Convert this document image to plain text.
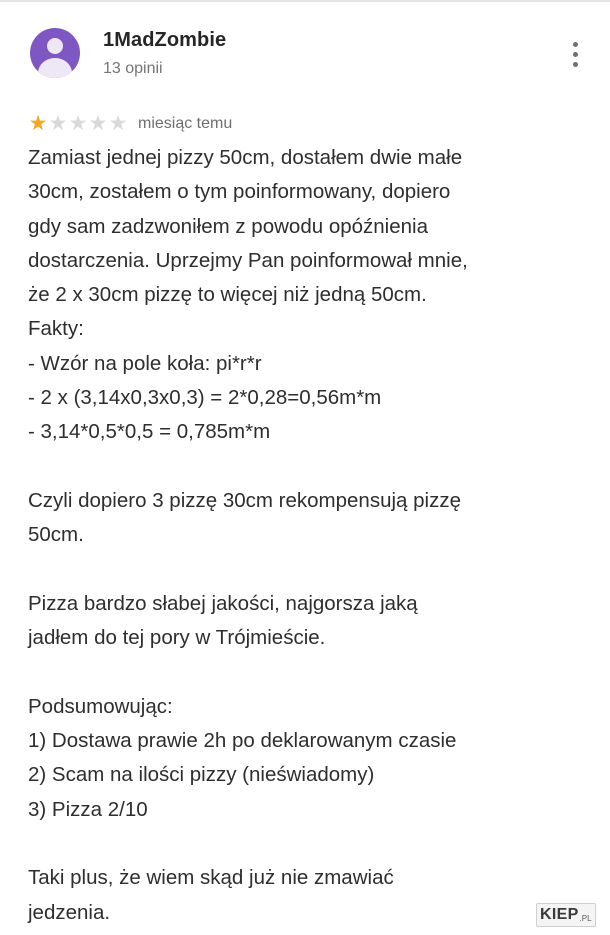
1MadZombie
13 opinii
★ ★ ★ ★ ★ miesiąc temu
Zamiast jednej pizzy 50cm, dostałem dwie małe
30cm, zostałem o tym poinformowany, dopiero
gdy sam zadzwoniłem z powodu opóźnienia
dostarczenia. Uprzejmy Pan poinformował mnie,
że 2 x 30cm pizzę to więcej niż jedną 50cm.
Fakty:
- Wzór na pole koła: pi*r*r
- 2 x (3,14x0,3x0,3) = 2*0,28=0,56m*m
- 3,14*0,5*0,5 = 0,785m*m
Czyli dopiero 3 pizzę 30cm rekompensują pizzę
50cm.
Pizza bardzo słabej jakości, najgorsza jaką
jadłem do tej pory w Trójmieście.
Podsumowując:
1) Dostawa prawie 2h po deklarowanym czasie
2) Scam na ilości pizzy (nieświadomy)
3) Pizza 2/10
Taki plus, że wiem skąd już nie zmawiać
jedzenia.	KIEP .PL
